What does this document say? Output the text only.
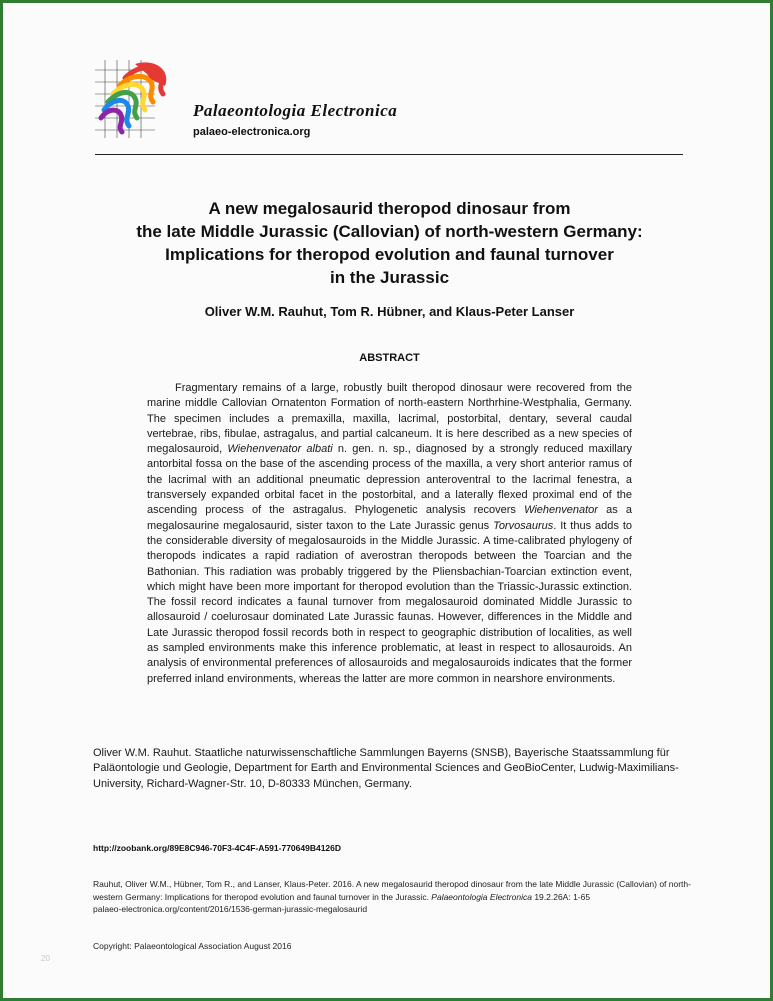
Palaeontologia Electronica
palaeo-electronica.org
A new megalosaurid theropod dinosaur from
the late Middle Jurassic (Callovian) of north-western Germany:
Implications for theropod evolution and faunal turnover
in the Jurassic
Oliver W.M. Rauhut, Tom R. Hübner, and Klaus-Peter Lanser
ABSTRACT

Fragmentary remains of a large, robustly built theropod dinosaur were recovered from the marine middle Callovian Ornatenton Formation of north-eastern Northrhine-Westphalia, Germany. The specimen includes a premaxilla, maxilla, lacrimal, postorbital, dentary, several caudal vertebrae, ribs, fibulae, astragalus, and partial calcaneum. It is here described as a new species of megalosauroid, Wiehenvenator albati n. gen. n. sp., diagnosed by a strongly reduced maxillary antorbital fossa on the base of the ascending process of the maxilla, a very short anterior ramus of the lacrimal with an additional pneumatic depression anteroventral to the lacrimal fenestra, a transversely expanded orbital facet in the postorbital, and a laterally flexed proximal end of the ascending process of the astragalus. Phylogenetic analysis recovers Wiehenvenator as a megalosaurine megalosaurid, sister taxon to the Late Jurassic genus Torvosaurus. It thus adds to the considerable diversity of megalosauroids in the Middle Jurassic. A time-calibrated phylogeny of theropods indicates a rapid radiation of averostran theropods between the Toarcian and the Bathonian. This radiation was probably triggered by the Pliensbachian-Toarcian extinction event, which might have been more important for theropod evolution than the Triassic-Jurassic extinction. The fossil record indicates a faunal turnover from megalosauroid dominated Middle Jurassic to allosauroid / coelurosaur dominated Late Jurassic faunas. However, differences in the Middle and Late Jurassic theropod fossil records both in respect to geographic distribution of localities, as well as sampled environments make this inference problematic, at least in respect to allosauroids. An analysis of environmental preferences of allosauroids and megalosauroids indicates that the former preferred inland environments, whereas the latter are more common in nearshore environments.

Oliver W.M. Rauhut. Staatliche naturwissenschaftliche Sammlungen Bayerns (SNSB), Bayerische Staatssammlung für Paläontologie und Geologie, Department for Earth and Environmental Sciences and GeoBioCenter, Ludwig-Maximilians-University, Richard-Wagner-Str. 10, D-80333 München, Germany.

http://zoobank.org/89E8C946-70F3-4C4F-A591-770649B4126D

Rauhut, Oliver W.M., Hübner, Tom R., and Lanser, Klaus-Peter. 2016. A new megalosaurid theropod dinosaur from the late Middle Jurassic (Callovian) of north-western Germany: Implications for theropod evolution and faunal turnover in the Jurassic. Palaeontologia Electronica 19.2.26A: 1-65
palaeo-electronica.org/content/2016/1536-german-jurassic-megalosaurid

Copyright: Palaeontological Association August 2016
20
